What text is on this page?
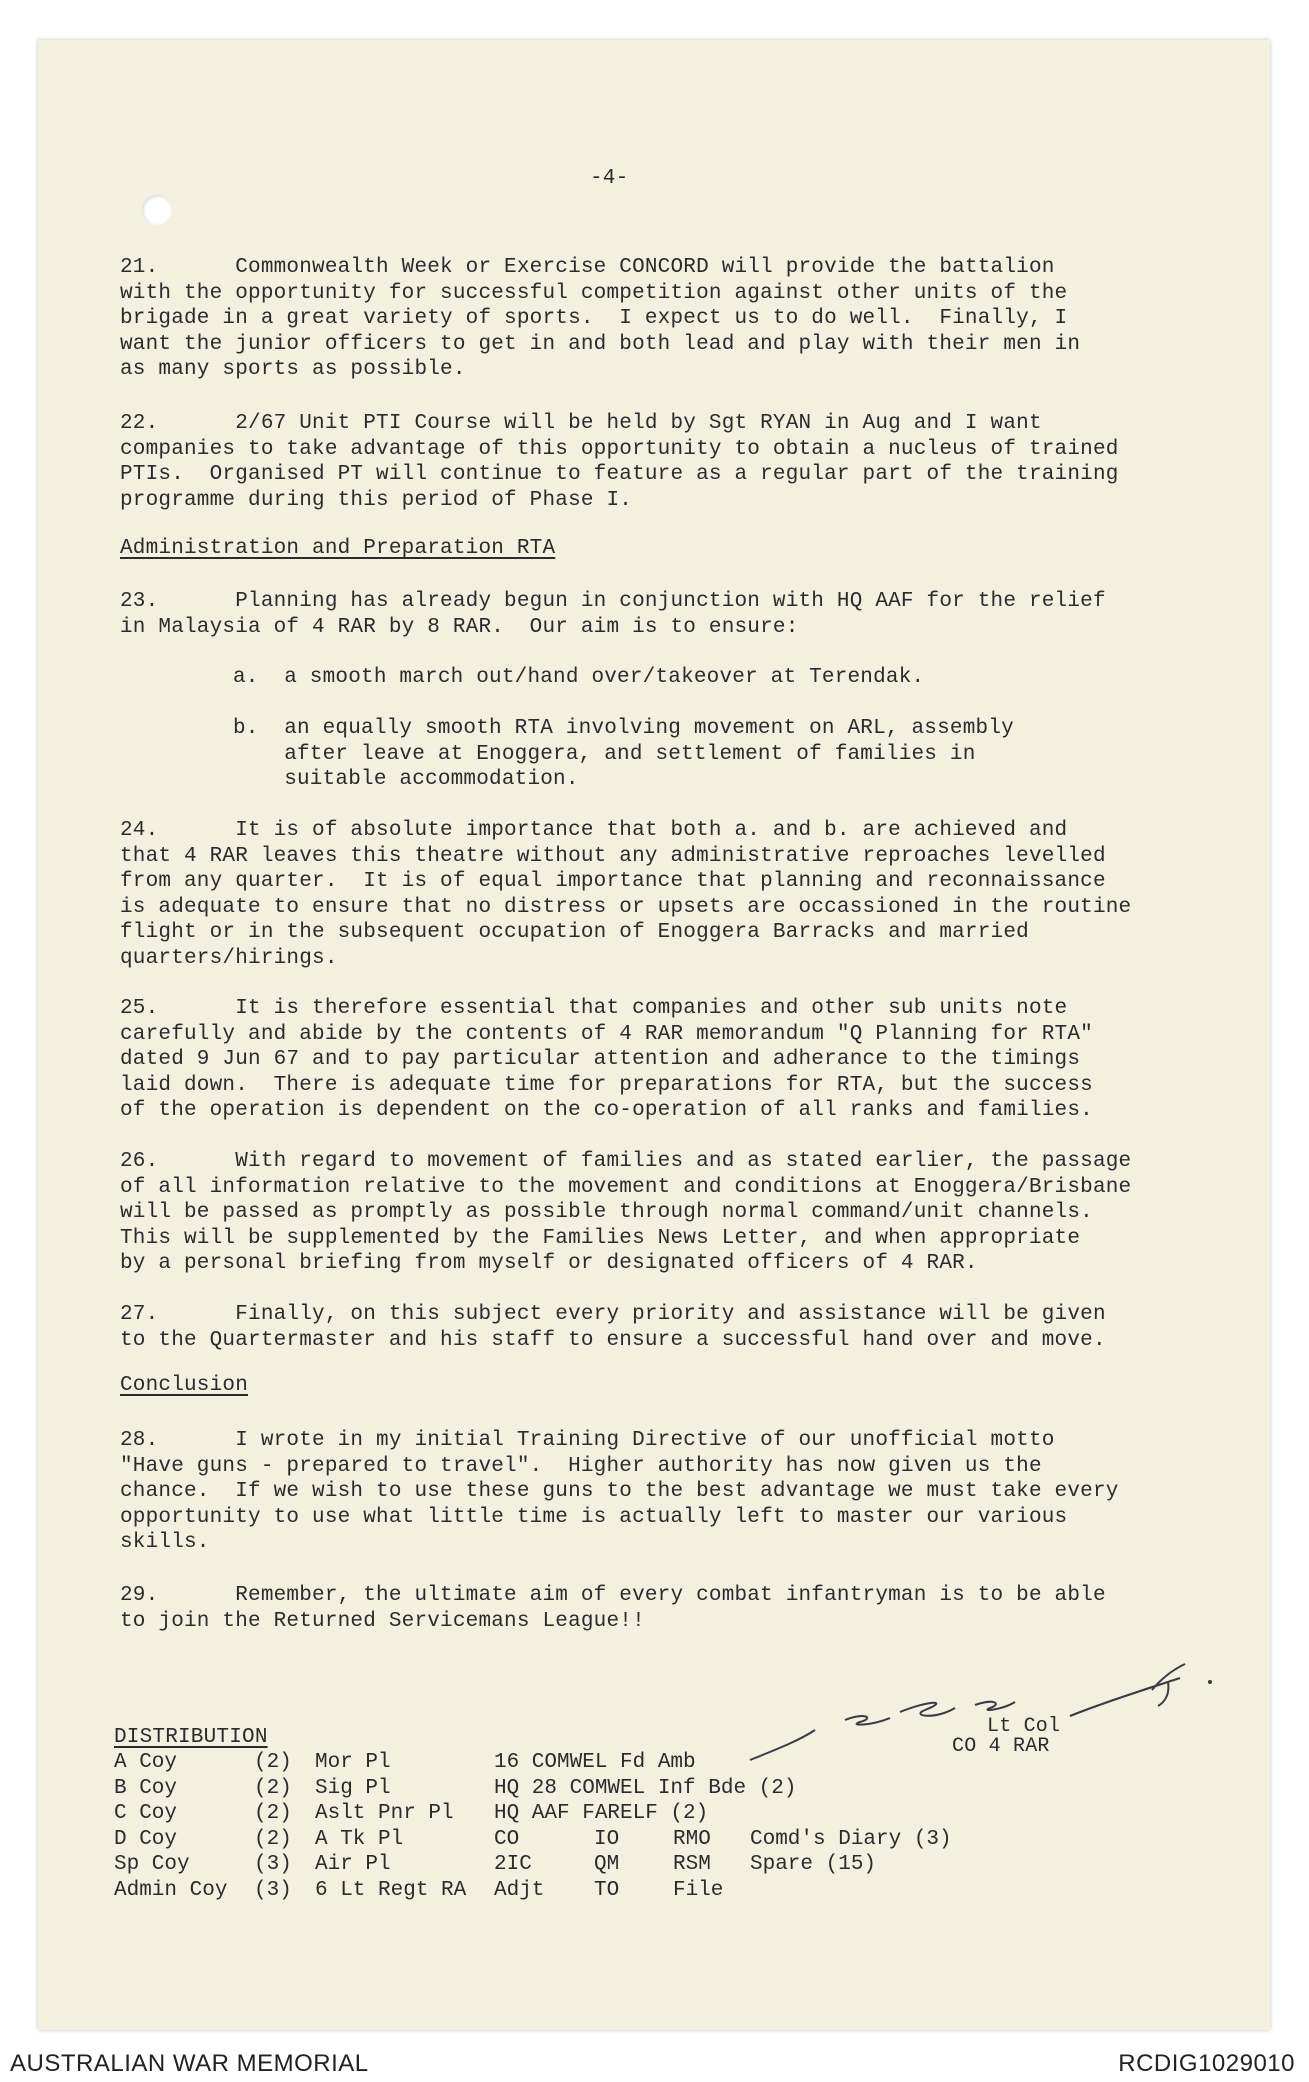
-4-
21.      Commonwealth Week or Exercise CONCORD will provide the battalion
with the opportunity for successful competition against other units of the
brigade in a great variety of sports.  I expect us to do well.  Finally, I
want the junior officers to get in and both lead and play with their men in
as many sports as possible.
22.      2/67 Unit PTI Course will be held by Sgt RYAN in Aug and I want
companies to take advantage of this opportunity to obtain a nucleus of trained
PTIs.  Organised PT will continue to feature as a regular part of the training
programme during this period of Phase I.
Administration and Preparation RTA
23.      Planning has already begun in conjunction with HQ AAF for the relief
in Malaysia of 4 RAR by 8 RAR.  Our aim is to ensure:
a.  a smooth march out/hand over/takeover at Terendak.
b.  an equally smooth RTA involving movement on ARL, assembly
after leave at Enoggera, and settlement of families in
suitable accommodation.
24.      It is of absolute importance that both a. and b. are achieved and
that 4 RAR leaves this theatre without any administrative reproaches levelled
from any quarter.  It is of equal importance that planning and reconnaissance
is adequate to ensure that no distress or upsets are occassioned in the routine
flight or in the subsequent occupation of Enoggera Barracks and married
quarters/hirings.
25.      It is therefore essential that companies and other sub units note
carefully and abide by the contents of 4 RAR memorandum "Q Planning for RTA"
dated 9 Jun 67 and to pay particular attention and adherance to the timings
laid down.  There is adequate time for preparations for RTA, but the success
of the operation is dependent on the co-operation of all ranks and families.
26.      With regard to movement of families and as stated earlier, the passage
of all information relative to the movement and conditions at Enoggera/Brisbane
will be passed as promptly as possible through normal command/unit channels.
This will be supplemented by the Families News Letter, and when appropriate
by a personal briefing from myself or designated officers of 4 RAR.
27.      Finally, on this subject every priority and assistance will be given
to the Quartermaster and his staff to ensure a successful hand over and move.
Conclusion
28.      I wrote in my initial Training Directive of our unofficial motto
"Have guns - prepared to travel".  Higher authority has now given us the
chance.  If we wish to use these guns to the best advantage we must take every
opportunity to use what little time is actually left to master our various
skills.
29.      Remember, the ultimate aim of every combat infantryman is to be able
to join the Returned Servicemans League!!
Lt Col
CO 4 RAR
DISTRIBUTION
A Coy
B Coy
C Coy
D Coy
Sp Coy
Admin Coy
(2)
(2)
(2)
(2)
(3)
(3)
Mor Pl
Sig Pl
Aslt Pnr Pl
A Tk Pl
Air Pl
6 Lt Regt RA
16 COMWEL Fd Amb
HQ 28 COMWEL Inf Bde (2)
HQ AAF FARELF (2)
CO
2IC
Adjt
IO
QM
TO
RMO
RSM
File
Comd's Diary (3)
Spare (15)
AUSTRALIAN WAR MEMORIAL	RCDIG1029010
